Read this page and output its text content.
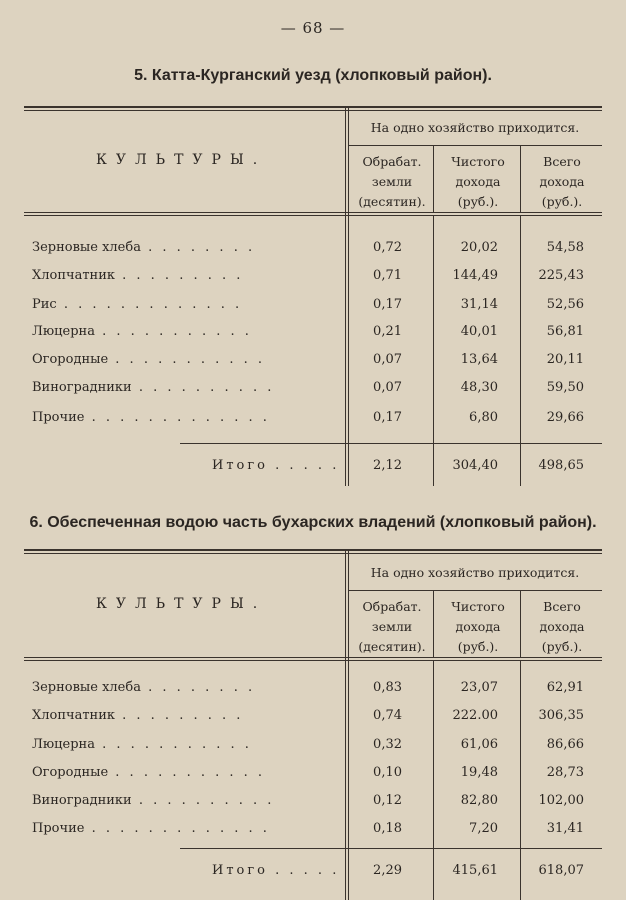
— 68 —
5. Катта-Курганский уезд (хлопковый район).
КУЛЬТУРЫ.
На одно хозяйство приходится.
Обрабат. земли (десятин).
Чистого дохода (руб.).
Всего дохода (руб.).
Зерновые хлеба . . . . . . . .	0,72	20,02	54,58
Хлопчатник . . . . . . . . .	0,71	144,49	225,43
Рис . . . . . . . . . . . . .	0,17	31,14	52,56
Люцерна . . . . . . . . . . .	0,21	40,01	56,81
Огородные . . . . . . . . . . .	0,07	13,64	20,11
Виноградники . . . . . . . . . .	0,07	48,30	59,50
Прочие . . . . . . . . . . . . .	0,17	6,80	29,66
Итого . . . . .	2,12	304,40	498,65
6. Обеспеченная водою часть бухарских владений (хлопковый район).
КУЛЬТУРЫ.
На одно хозяйство приходится.
Обрабат. земли (десятин).
Чистого дохода (руб.).
Всего дохода (руб.).
Зерновые хлеба . . . . . . . .	0,83	23,07	62,91
Хлопчатник . . . . . . . . .	0,74	222.00	306,35
Люцерна . . . . . . . . . . .	0,32	61,06	86,66
Огородные . . . . . . . . . . .	0,10	19,48	28,73
Виноградники . . . . . . . . . .	0,12	82,80	102,00
Прочие . . . . . . . . . . . . .	0,18	7,20	31,41
Итого . . . . .	2,29	415,61	618,07
